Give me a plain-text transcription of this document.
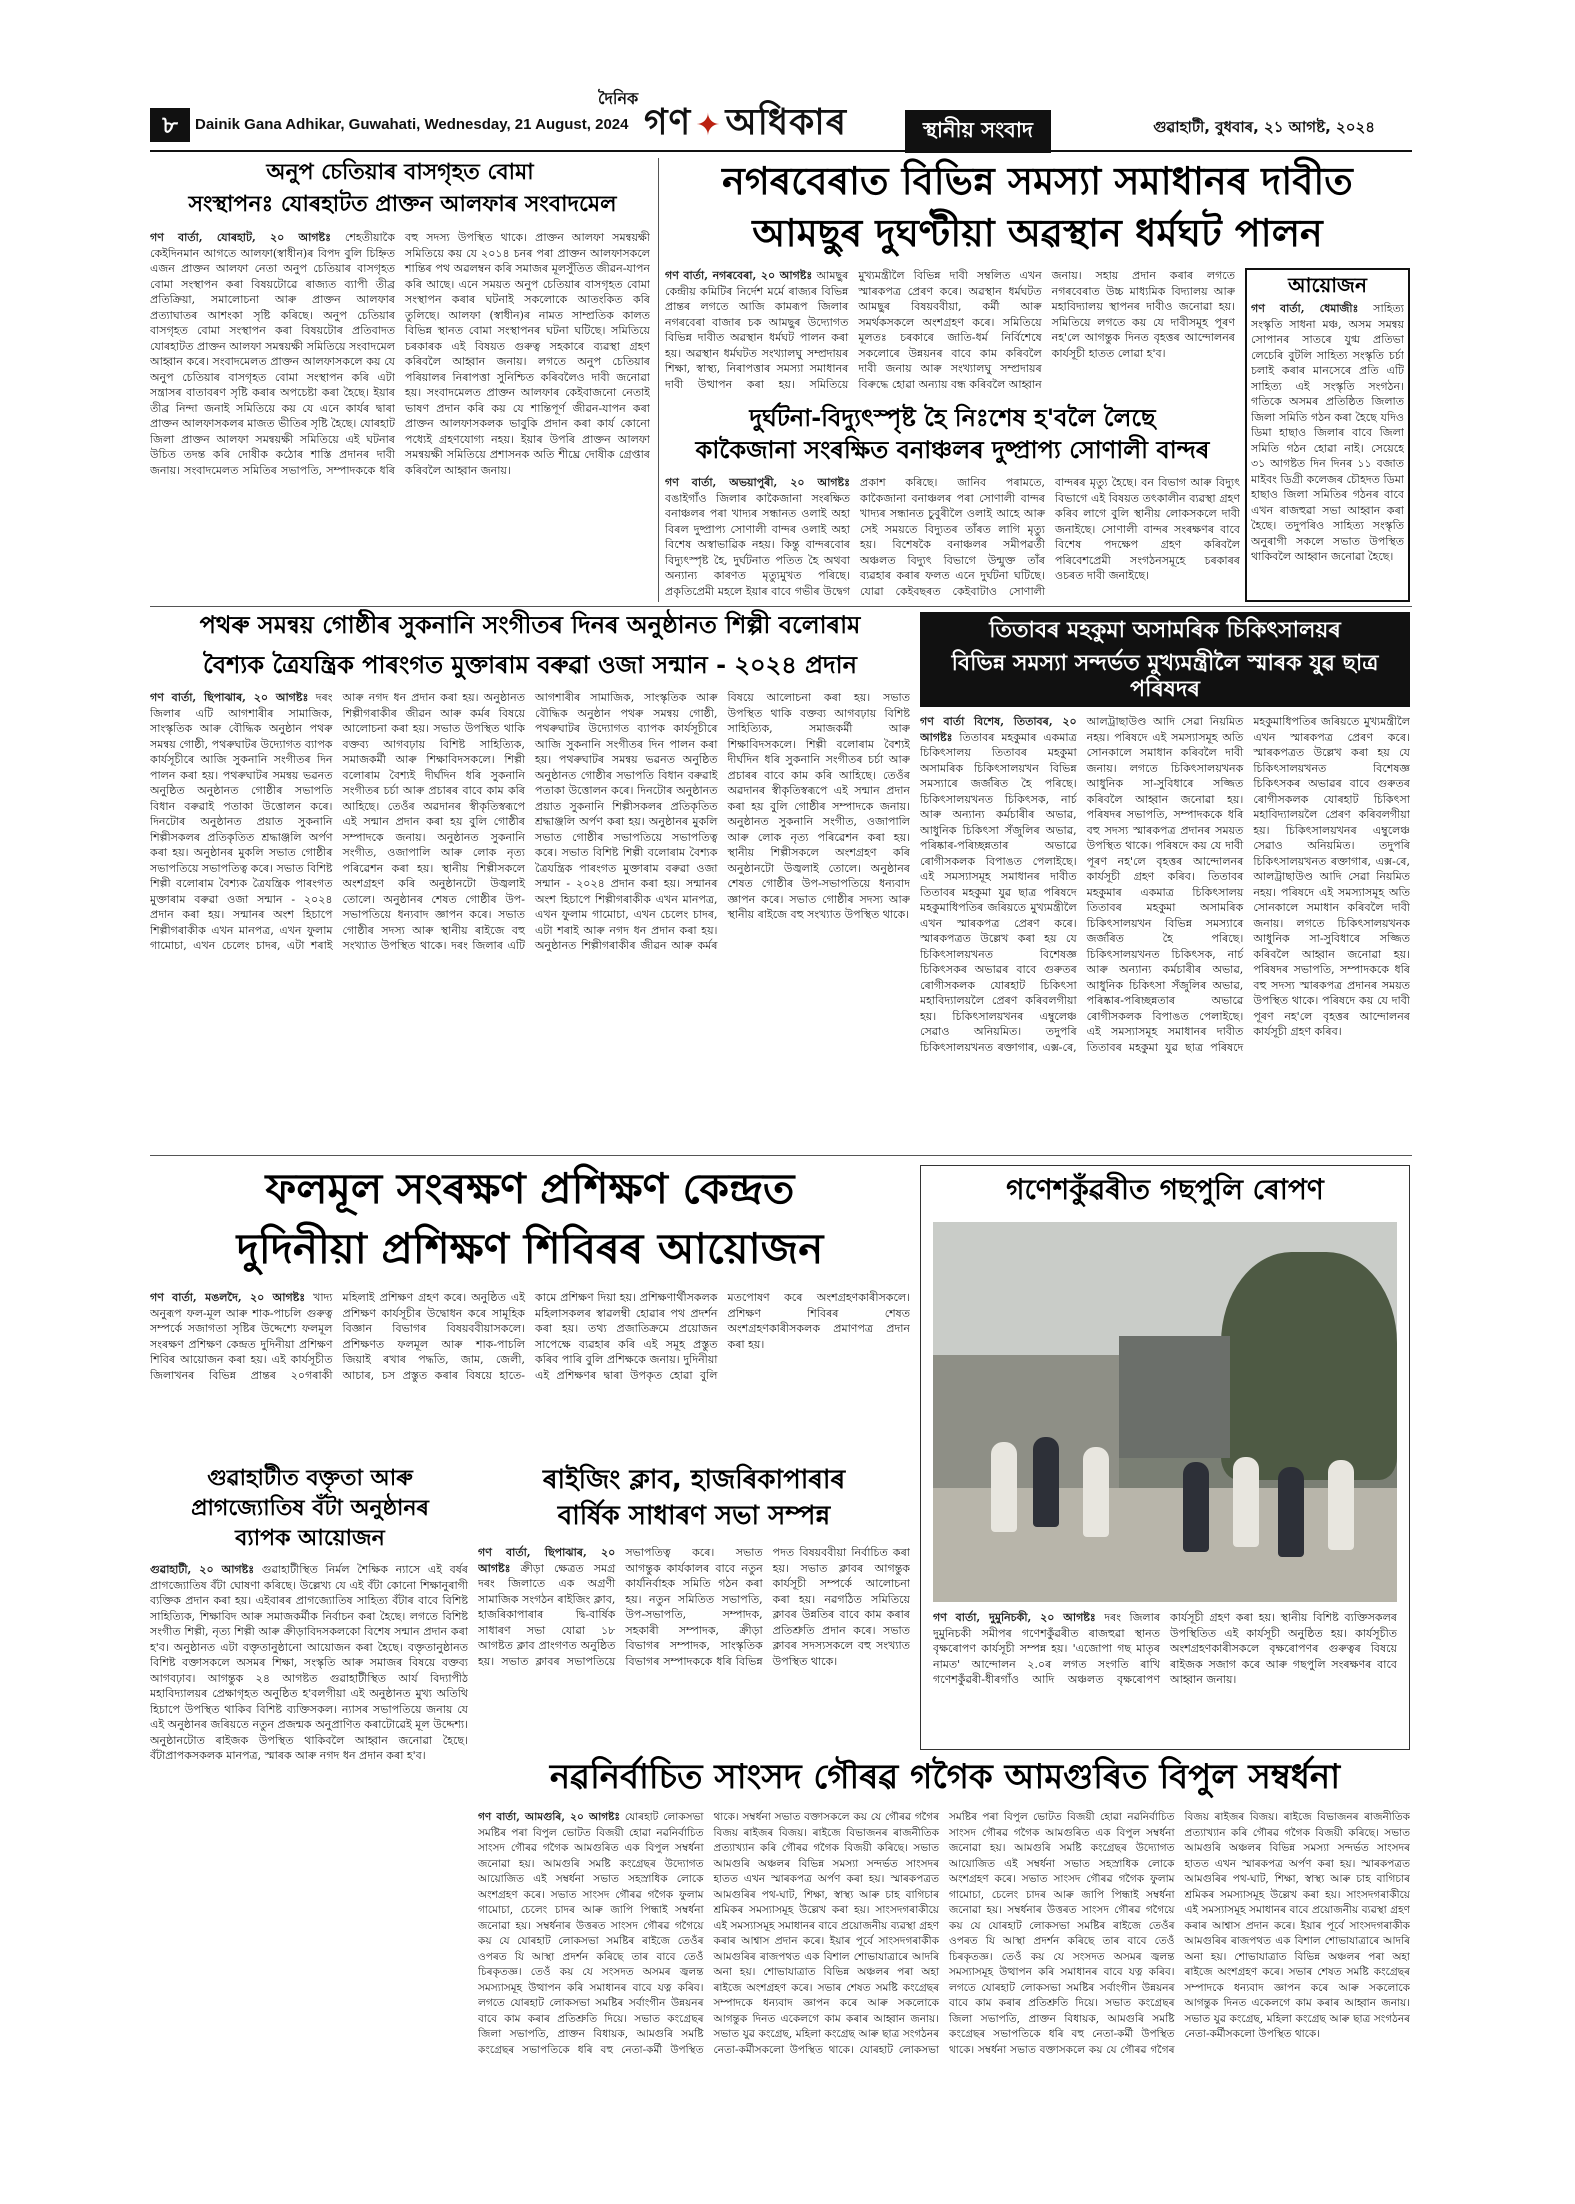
৮	Dainik Gana Adhikar, Guwahati, Wednesday, 21 August, 2024
দৈনিক
গণ ✦ অধিকাৰ	স্থানীয় সংবাদ	গুৱাহাটী, বুধবাৰ, ২১ আগষ্ট, ২০২৪
অনুপ চেতিয়াৰ বাসগৃহত বোমা
সংস্থাপনঃ যোৰহাটত প্ৰাক্তন আলফাৰ সংবাদমেল
গণ বাৰ্তা, যোৰহাট, ২০ আগষ্টঃ শেহতীয়াকৈ কেইদিনমান আগতে আলফা(স্বাধীন)ৰ বিপদ বুলি চিহ্নিত এজন প্ৰাক্তন আলফা নেতা অনুপ চেতিয়াৰ বাসগৃহত বোমা সংস্থাপন কৰা বিষয়টোৱে ৰাজ্যত ব্যাপী তীব্ৰ প্ৰতিক্ৰিয়া, সমালোচনা আৰু প্ৰাক্তন আলফাৰ প্ৰত্যাঘাতৰ আশংকা সৃষ্টি কৰিছে। অনুপ চেতিয়াৰ বাসগৃহত বোমা সংস্থাপন কৰা বিষয়টোৰ প্ৰতিবাদত যোৰহাটত প্ৰাক্তন আলফা সমন্বয়ক্ষী সমিতিয়ে সংবাদমেল আহ্বান কৰে। সংবাদমেলত প্ৰাক্তন আলফাসকলে কয় যে অনুপ চেতিয়াৰ বাসগৃহত বোমা সংস্থাপন কৰি এটা সন্ত্ৰাসৰ বাতাবৰণ সৃষ্টি কৰাৰ অপচেষ্টা কৰা হৈছে। ইয়াৰ তীব্ৰ নিন্দা জনাই সমিতিয়ে কয় যে এনে কাৰ্যৰ দ্বাৰা প্ৰাক্তন আলফাসকলৰ মাজত ভীতিৰ সৃষ্টি হৈছে। যোৰহাট জিলা প্ৰাক্তন আলফা সমন্বয়ক্ষী সমিতিয়ে এই ঘটনাৰ উচিত তদন্ত কৰি দোষীক কঠোৰ শাস্তি প্ৰদানৰ দাবী জনায়। সংবাদমেলত সমিতিৰ সভাপতি, সম্পাদককে ধৰি বহু সদস্য উপস্থিত থাকে। প্ৰাক্তন আলফা সমন্বয়ক্ষী সমিতিয়ে কয় যে ২০১৪ চনৰ পৰা প্ৰাক্তন আলফাসকলে শান্তিৰ পথ অৱলম্বন কৰি সমাজৰ মূলসুঁতিত জীৱন-যাপন কৰি আছে। এনে সময়ত অনুপ চেতিয়াৰ বাসগৃহত বোমা সংস্থাপন কৰাৰ ঘটনাই সকলোকে আতংকিত কৰি তুলিছে। আলফা (স্বাধীন)ৰ নামত সাম্প্ৰতিক কালত বিভিন্ন স্থানত বোমা সংস্থাপনৰ ঘটনা ঘটিছে। সমিতিয়ে চৰকাৰক এই বিষয়ত গুৰুত্ব সহকাৰে ব্যৱস্থা গ্ৰহণ কৰিবলৈ আহ্বান জনায়। লগতে অনুপ চেতিয়াৰ পৰিয়ালৰ নিৰাপত্তা সুনিশ্চিত কৰিবলৈও দাবী জনোৱা হয়। সংবাদমেলত প্ৰাক্তন আলফাৰ কেইবাজনো নেতাই ভাষণ প্ৰদান কৰি কয় যে শান্তিপূৰ্ণ জীৱন-যাপন কৰা প্ৰাক্তন আলফাসকলক ভাবুকি প্ৰদান কৰা কাৰ্য কোনো পধ্যেই গ্ৰহণযোগ্য নহয়। ইয়াৰ উপৰি প্ৰাক্তন আলফা সমন্বয়ক্ষী সমিতিয়ে প্ৰশাসনক অতি শীঘ্ৰে দোষীক গ্ৰেপ্তাৰ কৰিবলৈ আহ্বান জনায়।
নগৰবেৰাত বিভিন্ন সমস্যা সমাধানৰ দাবীত
আমছুৰ দুঘণ্টীয়া অৱস্থান ধৰ্মঘট পালন
গণ বাৰ্তা, নগৰবেৰা, ২০ আগষ্টঃ আমছুৰ কেন্দ্ৰীয় কমিটিৰ নিৰ্দেশ মৰ্মে ৰাজ্যৰ বিভিন্ন প্ৰান্তৰ লগতে আজি কামৰূপ জিলাৰ নগৰবেৰা বাজাৰ চক আমছুৰ উদ্যোগত বিভিন্ন দাবীত অৱস্থান ধৰ্মঘট পালন কৰা হয়। অৱস্থান ধৰ্মঘটত সংখ্যালঘু সম্প্ৰদায়ৰ শিক্ষা, স্বাস্থ্য, নিৰাপত্তাৰ সমস্যা সমাধানৰ দাবী উত্থাপন কৰা হয়। সমিতিয়ে মুখ্যমন্ত্ৰীলৈ বিভিন্ন দাবী সম্বলিত এখন স্মাৰকপত্ৰ প্ৰেৰণ কৰে। অৱস্থান ধৰ্মঘটত আমছুৰ বিষয়ববীয়া, কৰ্মী আৰু সমৰ্থকসকলে অংশগ্ৰহণ কৰে। সমিতিয়ে মূলতঃ চৰকাৰে জাতি-ধৰ্ম নিৰ্বিশেষে সকলোৰে উন্নয়নৰ বাবে কাম কৰিবলৈ দাবী জনায় আৰু সংখ্যালঘু সম্প্ৰদায়ৰ বিৰুদ্ধে হোৱা অন্যায় বন্ধ কৰিবলৈ আহ্বান জনায়। সহায় প্ৰদান কৰাৰ লগতে নগৰবেৰাত উচ্চ মাধ্যমিক বিদ্যালয় আৰু মহাবিদ্যালয় স্থাপনৰ দাবীও জনোৱা হয়। সমিতিয়ে লগতে কয় যে দাবীসমূহ পূৰণ নহ'লে আগন্তুক দিনত বৃহত্তৰ আন্দোলনৰ কাৰ্যসূচী হাতত লোৱা হ'ব।
আয়োজন
গণ বাৰ্তা, ধেমাজীঃ সাহিত্য সংস্কৃতি সাধনা মঞ্চ, অসম সমন্বয় সোপানৰ সাতৰে যুগ্ম প্ৰতিভা লেচেৰি বুটলি সাহিত্য সংস্কৃতি চৰ্চা চলাই কৰাৰ মানসেৰে প্ৰতি এটি সাহিত্য এই সংস্কৃতি সংগঠন। গতিকে অসমৰ প্ৰতিষ্ঠিত জিলাত জিলা সমিতি গঠন কৰা হৈছে যদিও ডিমা হাছাও জিলাৰ বাবে জিলা সমিতি গঠন হোৱা নাই। সেয়েহে ৩১ আগষ্টত দিন দিনৰ ১১ বজাত মাইবং ডিগ্ৰী কলেজৰ চৌহদত ডিমা হাছাও জিলা সমিতিৰ গঠনৰ বাবে এখন ৰাজহুৱা সভা আহ্বান কৰা হৈছে। তদুপৰিও সাহিত্য সংস্কৃতি অনুৰাগী সকলে সভাত উপস্থিত থাকিবলৈ আহ্বান জনোৱা হৈছে।
দুৰ্ঘটনা-বিদ্যুৎস্পৃষ্ট হৈ নিঃশেষ হ'বলৈ লৈছে
কাকৈজানা সংৰক্ষিত বনাঞ্চলৰ দুষ্প্ৰাপ্য সোণালী বান্দৰ
গণ বাৰ্তা, অভয়াপুৰী, ২০ আগষ্টঃ বঙাইগাঁও জিলাৰ কাকৈজানা সংৰক্ষিত বনাঞ্চলৰ পৰা খাদ্যৰ সন্ধানত ওলাই অহা বিৰল দুষ্প্ৰাপ্য সোণালী বান্দৰ ওলাই অহা বিশেষ অস্বাভাৱিক নহয়। কিন্তু বান্দৰবোৰ বিদ্যুৎস্পৃষ্ট হৈ, দুৰ্ঘটনাত পতিত হৈ অথবা অন্যান্য কাৰণত মৃত্যুমুখত পৰিছে। প্ৰকৃতিপ্ৰেমী মহলে ইয়াৰ বাবে গভীৰ উদ্বেগ প্ৰকাশ কৰিছে। জানিব পৰামতে, কাকৈজানা বনাঞ্চলৰ পৰা সোণালী বান্দৰ খাদ্যৰ সন্ধানত চুবুৰীলৈ ওলাই আহে আৰু সেই সময়তে বিদ্যুতৰ তাঁৰত লাগি মৃত্যু হয়। বিশেষকৈ বনাঞ্চলৰ সমীপৱৰ্তী অঞ্চলত বিদ্যুৎ বিভাগে উন্মুক্ত তাঁৰ ব্যৱহাৰ কৰাৰ ফলত এনে দুৰ্ঘটনা ঘটিছে। যোৱা কেইবছৰত কেইবাটাও সোণালী বান্দৰৰ মৃত্যু হৈছে। বন বিভাগ আৰু বিদ্যুৎ বিভাগে এই বিষয়ত তৎকালীন ব্যৱস্থা গ্ৰহণ কৰিব লাগে বুলি স্থানীয় লোকসকলে দাবী জনাইছে। সোণালী বান্দৰ সংৰক্ষণৰ বাবে বিশেষ পদক্ষেপ গ্ৰহণ কৰিবলৈ পৰিবেশপ্ৰেমী সংগঠনসমূহে চৰকাৰৰ ওচৰত দাবী জনাইছে।
পথৰু সমন্বয় গোষ্ঠীৰ সুকনানি সংগীতৰ দিনৰ অনুষ্ঠানত শিল্পী বলোৰাম
বৈশ্যক ত্ৰৈযন্ত্ৰিক পাৰংগত মুক্তাৰাম বৰুৱা ওজা সন্মান - ২০২৪ প্ৰদান
গণ বাৰ্তা, ছিপাঝাৰ, ২০ আগষ্টঃ দৰং জিলাৰ এটি আগশাৰীৰ সামাজিক, সাংস্কৃতিক আৰু বৌদ্ধিক অনুষ্ঠান পথৰু সমন্বয় গোষ্ঠী, পথৰুঘাটৰ উদ্যোগত ব্যাপক কাৰ্যসূচীৰে আজি সুকনানি সংগীতৰ দিন পালন কৰা হয়। পথৰুঘাটৰ সমন্বয় ভৱনত অনুষ্ঠিত অনুষ্ঠানত গোষ্ঠীৰ সভাপতি বিধান বৰুৱাই পতাকা উত্তোলন কৰে। দিনটোৰ অনুষ্ঠানত প্ৰয়াত সুকনানি শিল্পীসকলৰ প্ৰতিকৃতিত শ্ৰদ্ধাঞ্জলি অৰ্পণ কৰা হয়। অনুষ্ঠানৰ মুকলি সভাত গোষ্ঠীৰ সভাপতিয়ে সভাপতিত্ব কৰে। সভাত বিশিষ্ট শিল্পী বলোৰাম বৈশ্যক ত্ৰৈযন্ত্ৰিক পাৰংগত মুক্তাৰাম বৰুৱা ওজা সন্মান - ২০২৪ প্ৰদান কৰা হয়। সন্মানৰ অংশ হিচাপে শিল্পীগৰাকীক এখন মানপত্ৰ, এখন ফুলাম গামোচা, এখন চেলেং চাদৰ, এটা শৰাই আৰু নগদ ধন প্ৰদান কৰা হয়। অনুষ্ঠানত শিল্পীগৰাকীৰ জীৱন আৰু কৰ্মৰ বিষয়ে আলোচনা কৰা হয়। সভাত উপস্থিত থাকি বক্তব্য আগবঢ়ায় বিশিষ্ট সাহিত্যিক, সমাজকৰ্মী আৰু শিক্ষাবিদসকলে। শিল্পী বলোৰাম বৈশ্যই দীৰ্ঘদিন ধৰি সুকনানি সংগীতৰ চৰ্চা আৰু প্ৰচাৰৰ বাবে কাম কৰি আহিছে। তেওঁৰ অৱদানৰ স্বীকৃতিস্বৰূপে এই সন্মান প্ৰদান কৰা হয় বুলি গোষ্ঠীৰ সম্পাদকে জনায়। অনুষ্ঠানত সুকনানি সংগীত, ওজাপালি আৰু লোক নৃত্য পৰিৱেশন কৰা হয়। স্থানীয় শিল্পীসকলে অংশগ্ৰহণ কৰি অনুষ্ঠানটো উজ্বলাই তোলে। অনুষ্ঠানৰ শেষত গোষ্ঠীৰ উপ-সভাপতিয়ে ধন্যবাদ জ্ঞাপন কৰে। সভাত গোষ্ঠীৰ সদস্য আৰু স্থানীয় ৰাইজে বহু সংখ্যাত উপস্থিত থাকে। দৰং জিলাৰ এটি আগশাৰীৰ সামাজিক, সাংস্কৃতিক আৰু বৌদ্ধিক অনুষ্ঠান পথৰু সমন্বয় গোষ্ঠী, পথৰুঘাটৰ উদ্যোগত ব্যাপক কাৰ্যসূচীৰে আজি সুকনানি সংগীতৰ দিন পালন কৰা হয়। পথৰুঘাটৰ সমন্বয় ভৱনত অনুষ্ঠিত অনুষ্ঠানত গোষ্ঠীৰ সভাপতি বিধান বৰুৱাই পতাকা উত্তোলন কৰে। দিনটোৰ অনুষ্ঠানত প্ৰয়াত সুকনানি শিল্পীসকলৰ প্ৰতিকৃতিত শ্ৰদ্ধাঞ্জলি অৰ্পণ কৰা হয়। অনুষ্ঠানৰ মুকলি সভাত গোষ্ঠীৰ সভাপতিয়ে সভাপতিত্ব কৰে। সভাত বিশিষ্ট শিল্পী বলোৰাম বৈশ্যক ত্ৰৈযন্ত্ৰিক পাৰংগত মুক্তাৰাম বৰুৱা ওজা সন্মান - ২০২৪ প্ৰদান কৰা হয়। সন্মানৰ অংশ হিচাপে শিল্পীগৰাকীক এখন মানপত্ৰ, এখন ফুলাম গামোচা, এখন চেলেং চাদৰ, এটা শৰাই আৰু নগদ ধন প্ৰদান কৰা হয়। অনুষ্ঠানত শিল্পীগৰাকীৰ জীৱন আৰু কৰ্মৰ বিষয়ে আলোচনা কৰা হয়। সভাত উপস্থিত থাকি বক্তব্য আগবঢ়ায় বিশিষ্ট সাহিত্যিক, সমাজকৰ্মী আৰু শিক্ষাবিদসকলে। শিল্পী বলোৰাম বৈশ্যই দীৰ্ঘদিন ধৰি সুকনানি সংগীতৰ চৰ্চা আৰু প্ৰচাৰৰ বাবে কাম কৰি আহিছে। তেওঁৰ অৱদানৰ স্বীকৃতিস্বৰূপে এই সন্মান প্ৰদান কৰা হয় বুলি গোষ্ঠীৰ সম্পাদকে জনায়। অনুষ্ঠানত সুকনানি সংগীত, ওজাপালি আৰু লোক নৃত্য পৰিৱেশন কৰা হয়। স্থানীয় শিল্পীসকলে অংশগ্ৰহণ কৰি অনুষ্ঠানটো উজ্বলাই তোলে। অনুষ্ঠানৰ শেষত গোষ্ঠীৰ উপ-সভাপতিয়ে ধন্যবাদ জ্ঞাপন কৰে। সভাত গোষ্ঠীৰ সদস্য আৰু স্থানীয় ৰাইজে বহু সংখ্যাত উপস্থিত থাকে।
তিতাবৰ মহকুমা অসামৰিক চিকিৎসালয়ৰ
বিভিন্ন সমস্যা সন্দৰ্ভত মুখ্যমন্ত্ৰীলৈ স্মাৰক যুৱ ছাত্ৰ পৰিষদৰ
গণ বাৰ্তা বিশেষ, তিতাবৰ, ২০ আগষ্টঃ তিতাবৰ মহকুমাৰ একমাত্ৰ চিকিৎসালয় তিতাবৰ মহকুমা অসামৰিক চিকিৎসালয়খন বিভিন্ন সমস্যাৰে জৰ্জৰিত হৈ পৰিছে। চিকিৎসালয়খনত চিকিৎসক, নাৰ্চ আৰু অন্যান্য কৰ্মচাৰীৰ অভাৱ, আধুনিক চিকিৎসা সঁজুলিৰ অভাৱ, পৰিষ্কাৰ-পৰিচ্ছন্নতাৰ অভাৱে ৰোগীসকলক বিপাঙত পেলাইছে। এই সমস্যাসমূহ সমাধানৰ দাবীত তিতাবৰ মহকুমা যুৱ ছাত্ৰ পৰিষদে মহকুমাধিপতিৰ জৰিয়তে মুখ্যমন্ত্ৰীলৈ এখন স্মাৰকপত্ৰ প্ৰেৰণ কৰে। স্মাৰকপত্ৰত উল্লেখ কৰা হয় যে চিকিৎসালয়খনত বিশেষজ্ঞ চিকিৎসকৰ অভাৱৰ বাবে গুৰুতৰ ৰোগীসকলক যোৰহাট চিকিৎসা মহাবিদ্যালয়লৈ প্ৰেৰণ কৰিবলগীয়া হয়। চিকিৎসালয়খনৰ এম্বুলেঞ্চ সেৱাও অনিয়মিত। তদুপৰি চিকিৎসালয়খনত ৰক্তাগাৰ, এক্স-ৰে, আলট্ৰাছাউণ্ড আদি সেৱা নিয়মিত নহয়। পৰিষদে এই সমস্যাসমূহ অতি সোনকালে সমাধান কৰিবলৈ দাবী জনায়। লগতে চিকিৎসালয়খনক আধুনিক সা-সুবিধাৰে সজ্জিত কৰিবলৈ আহ্বান জনোৱা হয়। পৰিষদৰ সভাপতি, সম্পাদককে ধৰি বহু সদস্য স্মাৰকপত্ৰ প্ৰদানৰ সময়ত উপস্থিত থাকে। পৰিষদে কয় যে দাবী পূৰণ নহ'লে বৃহত্তৰ আন্দোলনৰ কাৰ্যসূচী গ্ৰহণ কৰিব। তিতাবৰ মহকুমাৰ একমাত্ৰ চিকিৎসালয় তিতাবৰ মহকুমা অসামৰিক চিকিৎসালয়খন বিভিন্ন সমস্যাৰে জৰ্জৰিত হৈ পৰিছে। চিকিৎসালয়খনত চিকিৎসক, নাৰ্চ আৰু অন্যান্য কৰ্মচাৰীৰ অভাৱ, আধুনিক চিকিৎসা সঁজুলিৰ অভাৱ, পৰিষ্কাৰ-পৰিচ্ছন্নতাৰ অভাৱে ৰোগীসকলক বিপাঙত পেলাইছে। এই সমস্যাসমূহ সমাধানৰ দাবীত তিতাবৰ মহকুমা যুৱ ছাত্ৰ পৰিষদে মহকুমাধিপতিৰ জৰিয়তে মুখ্যমন্ত্ৰীলৈ এখন স্মাৰকপত্ৰ প্ৰেৰণ কৰে। স্মাৰকপত্ৰত উল্লেখ কৰা হয় যে চিকিৎসালয়খনত বিশেষজ্ঞ চিকিৎসকৰ অভাৱৰ বাবে গুৰুতৰ ৰোগীসকলক যোৰহাট চিকিৎসা মহাবিদ্যালয়লৈ প্ৰেৰণ কৰিবলগীয়া হয়। চিকিৎসালয়খনৰ এম্বুলেঞ্চ সেৱাও অনিয়মিত। তদুপৰি চিকিৎসালয়খনত ৰক্তাগাৰ, এক্স-ৰে, আলট্ৰাছাউণ্ড আদি সেৱা নিয়মিত নহয়। পৰিষদে এই সমস্যাসমূহ অতি সোনকালে সমাধান কৰিবলৈ দাবী জনায়। লগতে চিকিৎসালয়খনক আধুনিক সা-সুবিধাৰে সজ্জিত কৰিবলৈ আহ্বান জনোৱা হয়। পৰিষদৰ সভাপতি, সম্পাদককে ধৰি বহু সদস্য স্মাৰকপত্ৰ প্ৰদানৰ সময়ত উপস্থিত থাকে। পৰিষদে কয় যে দাবী পূৰণ নহ'লে বৃহত্তৰ আন্দোলনৰ কাৰ্যসূচী গ্ৰহণ কৰিব।
ফলমূল সংৰক্ষণ প্ৰশিক্ষণ কেন্দ্ৰত
দুদিনীয়া প্ৰশিক্ষণ শিবিৰৰ আয়োজন
গণ বাৰ্তা, মঙলদৈ, ২০ আগষ্টঃ খাদ্য অনুৰূপ ফল-মূল আৰু শাক-পাচলি গুৰুত্ব সম্পৰ্কে সজাগতা সৃষ্টিৰ উদ্দেশ্যে ফলমূল সংৰক্ষণ প্ৰশিক্ষণ কেন্দ্ৰত দুদিনীয়া প্ৰশিক্ষণ শিবিৰ আয়োজন কৰা হয়। এই কাৰ্যসূচীত জিলাখনৰ বিভিন্ন প্ৰান্তৰ ২০গৰাকী মহিলাই প্ৰশিক্ষণ গ্ৰহণ কৰে। অনুষ্ঠিত এই প্ৰশিক্ষণ কাৰ্যসূচীৰ উদ্বোধন কৰে সামূহিক বিজ্ঞান বিভাগৰ বিষয়ববীয়াসকলে। প্ৰশিক্ষণত ফলমূল আৰু শাক-পাচলি জিয়াই ৰখাৰ পদ্ধতি, জাম, জেলী, আচাৰ, চস প্ৰস্তুত কৰাৰ বিষয়ে হাতে-কামে প্ৰশিক্ষণ দিয়া হয়। প্ৰশিক্ষণাৰ্থীসকলক মহিলাসকলৰ স্বাৱলম্বী হোৱাৰ পথ প্ৰদৰ্শন কৰা হয়। তথ্য প্ৰজাতিক্ৰমে প্ৰয়োজন সাপেক্ষে ব্যৱহাৰ কৰি এই সমূহ প্ৰস্তুত কৰিব পাৰি বুলি প্ৰশিক্ষকে জনায়। দুদিনীয়া এই প্ৰশিক্ষণৰ দ্বাৰা উপকৃত হোৱা বুলি মতপোষণ কৰে অংশগ্ৰহণকাৰীসকলে। প্ৰশিক্ষণ শিবিৰৰ শেষত অংশগ্ৰহণকাৰীসকলক প্ৰমাণপত্ৰ প্ৰদান কৰা হয়।
গণেশকুঁৱৰীত গছপুলি ৰোপণ
গণ বাৰ্তা, দুমুনিচকী, ২০ আগষ্টঃ দৰং জিলাৰ দুমুনিচকী সমীপৰ গণেশকুঁৱৰীত ৰাজহুৱা স্থানত বৃক্ষৰোপণ কাৰ্যসূচী সম্পন্ন হয়। 'এজোপা গছ মাতৃৰ নামত' আন্দোলন ২.০ৰ লগত সংগতি ৰাখি গণেশকুঁৱৰী-ধীৰগাঁও আদি অঞ্চলত বৃক্ষৰোপণ কাৰ্যসূচী গ্ৰহণ কৰা হয়। স্থানীয় বিশিষ্ট ব্যক্তিসকলৰ উপস্থিতিত এই কাৰ্যসূচী অনুষ্ঠিত হয়। কাৰ্যসূচীত অংশগ্ৰহণকাৰীসকলে বৃক্ষৰোপণৰ গুৰুত্বৰ বিষয়ে ৰাইজক সজাগ কৰে আৰু গছপুলি সংৰক্ষণৰ বাবে আহ্বান জনায়।
গুৱাহাটীত বক্তৃতা আৰু
প্ৰাগজ্যোতিষ বঁটা অনুষ্ঠানৰ
ব্যাপক আয়োজন
গুৱাহাটী, ২০ আগষ্টঃ গুৱাহাটীস্থিত নিৰ্মল শৈক্ষিক ন্যাসে এই বৰ্ষৰ প্ৰাগজ্যোতিষ বঁটা ঘোষণা কৰিছে। উল্লেখ্য যে এই বঁটা কোনো শিক্ষানুৰাগী ব্যক্তিক প্ৰদান কৰা হয়। এইবাৰৰ প্ৰাগজ্যোতিষ সাহিত্য বঁটাৰ বাবে বিশিষ্ট সাহিত্যিক, শিক্ষাবিদ আৰু সমাজকৰ্মীক নিৰ্বাচন কৰা হৈছে। লগতে বিশিষ্ট সংগীত শিল্পী, নৃত্য শিল্পী আৰু ক্ৰীড়াবিদসকলকো বিশেষ সন্মান প্ৰদান কৰা হ'ব। অনুষ্ঠানত এটা বক্তৃতানুষ্ঠানো আয়োজন কৰা হৈছে। বক্তৃতানুষ্ঠানত বিশিষ্ট বক্তাসকলে অসমৰ শিক্ষা, সংস্কৃতি আৰু সমাজৰ বিষয়ে বক্তব্য আগবঢ়াব। আগন্তুক ২৪ আগষ্টত গুৱাহাটীস্থিত আৰ্য বিদ্যাপীঠ মহাবিদ্যালয়ৰ প্ৰেক্ষাগৃহত অনুষ্ঠিত হ'বলগীয়া এই অনুষ্ঠানত মুখ্য অতিথি হিচাপে উপস্থিত থাকিব বিশিষ্ট ব্যক্তিসকল। ন্যাসৰ সভাপতিয়ে জনায় যে এই অনুষ্ঠানৰ জৰিয়তে নতুন প্ৰজন্মক অনুপ্ৰাণিত কৰাটোৱেই মূল উদ্দেশ্য। অনুষ্ঠানটোত ৰাইজক উপস্থিত থাকিবলৈ আহ্বান জনোৱা হৈছে। বঁটাপ্ৰাপকসকলক মানপত্ৰ, স্মাৰক আৰু নগদ ধন প্ৰদান কৰা হ'ব।
ৰাইজিং ক্লাব, হাজৰিকাপাৰাৰ
বাৰ্ষিক সাধাৰণ সভা সম্পন্ন
গণ বাৰ্তা, ছিপাঝাৰ, ২০ আগষ্টঃ ক্ৰীড়া ক্ষেত্ৰত সমগ্ৰ দৰং জিলাতে এক অগ্ৰণী সামাজিক সংগঠন ৰাইজিং ক্লাব, হাজৰিকাপাৰাৰ দ্বি-বাৰ্ষিক সাধাৰণ সভা যোৱা ১৮ আগষ্টত ক্লাব প্ৰাংগণত অনুষ্ঠিত হয়। সভাত ক্লাবৰ সভাপতিয়ে সভাপতিত্ব কৰে। সভাত আগন্তুক কাৰ্যকালৰ বাবে নতুন কাৰ্যনিৰ্বাহক সমিতি গঠন কৰা হয়। নতুন সমিতিত সভাপতি, উপ-সভাপতি, সম্পাদক, সহকাৰী সম্পাদক, ক্ৰীড়া বিভাগৰ সম্পাদক, সাংস্কৃতিক বিভাগৰ সম্পাদককে ধৰি বিভিন্ন পদত বিষয়ববীয়া নিৰ্বাচিত কৰা হয়। সভাত ক্লাবৰ আগন্তুক কাৰ্যসূচী সম্পৰ্কে আলোচনা কৰা হয়। নৱগঠিত সমিতিয়ে ক্লাবৰ উন্নতিৰ বাবে কাম কৰাৰ প্ৰতিশ্ৰুতি প্ৰদান কৰে। সভাত ক্লাবৰ সদস্যসকলে বহু সংখ্যাত উপস্থিত থাকে।
নৱনিৰ্বাচিত সাংসদ গৌৰৱ গগৈক আমগুৰিত বিপুল সম্বৰ্ধনা
গণ বাৰ্তা, আমগুৰি, ২০ আগষ্টঃ যোৰহাট লোকসভা সমষ্টিৰ পৰা বিপুল ভোটত বিজয়ী হোৱা নৱনিৰ্বাচিত সাংসদ গৌৰৱ গগৈক আমগুৰিত এক বিপুল সম্বৰ্ধনা জনোৱা হয়। আমগুৰি সমষ্টি কংগ্ৰেছৰ উদ্যোগত আয়োজিত এই সম্বৰ্ধনা সভাত সহস্ৰাধিক লোকে অংশগ্ৰহণ কৰে। সভাত সাংসদ গৌৰৱ গগৈক ফুলাম গামোচা, চেলেং চাদৰ আৰু জাপি পিন্ধাই সম্বৰ্ধনা জনোৱা হয়। সম্বৰ্ধনাৰ উত্তৰত সাংসদ গৌৰৱ গগৈয়ে কয় যে যোৰহাট লোকসভা সমষ্টিৰ ৰাইজে তেওঁৰ ওপৰত যি আস্থা প্ৰদৰ্শন কৰিছে তাৰ বাবে তেওঁ চিৰকৃতজ্ঞ। তেওঁ কয় যে সংসদত অসমৰ জ্বলন্ত সমস্যাসমূহ উত্থাপন কৰি সমাধানৰ বাবে যত্ন কৰিব। লগতে যোৰহাট লোকসভা সমষ্টিৰ সৰ্বাংগীন উন্নয়নৰ বাবে কাম কৰাৰ প্ৰতিশ্ৰুতি দিয়ে। সভাত কংগ্ৰেছৰ জিলা সভাপতি, প্ৰাক্তন বিধায়ক, আমগুৰি সমষ্টি কংগ্ৰেছৰ সভাপতিকে ধৰি বহু নেতা-কৰ্মী উপস্থিত থাকে। সম্বৰ্ধনা সভাত বক্তাসকলে কয় যে গৌৰৱ গগৈৰ বিজয় ৰাইজৰ বিজয়। ৰাইজে বিভাজনৰ ৰাজনীতিক প্ৰত্যাখ্যান কৰি গৌৰৱ গগৈক বিজয়ী কৰিছে। সভাত আমগুৰি অঞ্চলৰ বিভিন্ন সমস্যা সন্দৰ্ভত সাংসদৰ হাতত এখন স্মাৰকপত্ৰ অৰ্পণ কৰা হয়। স্মাৰকপত্ৰত আমগুৰিৰ পথ-ঘাট, শিক্ষা, স্বাস্থ্য আৰু চাহ বাগিচাৰ শ্ৰমিকৰ সমস্যাসমূহ উল্লেখ কৰা হয়। সাংসদগৰাকীয়ে এই সমস্যাসমূহ সমাধানৰ বাবে প্ৰয়োজনীয় ব্যৱস্থা গ্ৰহণ কৰাৰ আশ্বাস প্ৰদান কৰে। ইয়াৰ পূৰ্বে সাংসদগৰাকীক আমগুৰিৰ ৰাজপথত এক বিশাল শোভাযাত্ৰাৰে আদৰি অনা হয়। শোভাযাত্ৰাত বিভিন্ন অঞ্চলৰ পৰা অহা ৰাইজে অংশগ্ৰহণ কৰে। সভাৰ শেষত সমষ্টি কংগ্ৰেছৰ সম্পাদকে ধন্যবাদ জ্ঞাপন কৰে আৰু সকলোকে আগন্তুক দিনত একেলগে কাম কৰাৰ আহ্বান জনায়। সভাত যুৱ কংগ্ৰেছ, মহিলা কংগ্ৰেছ আৰু ছাত্ৰ সংগঠনৰ নেতা-কৰ্মীসকলো উপস্থিত থাকে। যোৰহাট লোকসভা সমষ্টিৰ পৰা বিপুল ভোটত বিজয়ী হোৱা নৱনিৰ্বাচিত সাংসদ গৌৰৱ গগৈক আমগুৰিত এক বিপুল সম্বৰ্ধনা জনোৱা হয়। আমগুৰি সমষ্টি কংগ্ৰেছৰ উদ্যোগত আয়োজিত এই সম্বৰ্ধনা সভাত সহস্ৰাধিক লোকে অংশগ্ৰহণ কৰে। সভাত সাংসদ গৌৰৱ গগৈক ফুলাম গামোচা, চেলেং চাদৰ আৰু জাপি পিন্ধাই সম্বৰ্ধনা জনোৱা হয়। সম্বৰ্ধনাৰ উত্তৰত সাংসদ গৌৰৱ গগৈয়ে কয় যে যোৰহাট লোকসভা সমষ্টিৰ ৰাইজে তেওঁৰ ওপৰত যি আস্থা প্ৰদৰ্শন কৰিছে তাৰ বাবে তেওঁ চিৰকৃতজ্ঞ। তেওঁ কয় যে সংসদত অসমৰ জ্বলন্ত সমস্যাসমূহ উত্থাপন কৰি সমাধানৰ বাবে যত্ন কৰিব। লগতে যোৰহাট লোকসভা সমষ্টিৰ সৰ্বাংগীন উন্নয়নৰ বাবে কাম কৰাৰ প্ৰতিশ্ৰুতি দিয়ে। সভাত কংগ্ৰেছৰ জিলা সভাপতি, প্ৰাক্তন বিধায়ক, আমগুৰি সমষ্টি কংগ্ৰেছৰ সভাপতিকে ধৰি বহু নেতা-কৰ্মী উপস্থিত থাকে। সম্বৰ্ধনা সভাত বক্তাসকলে কয় যে গৌৰৱ গগৈৰ বিজয় ৰাইজৰ বিজয়। ৰাইজে বিভাজনৰ ৰাজনীতিক প্ৰত্যাখ্যান কৰি গৌৰৱ গগৈক বিজয়ী কৰিছে। সভাত আমগুৰি অঞ্চলৰ বিভিন্ন সমস্যা সন্দৰ্ভত সাংসদৰ হাতত এখন স্মাৰকপত্ৰ অৰ্পণ কৰা হয়। স্মাৰকপত্ৰত আমগুৰিৰ পথ-ঘাট, শিক্ষা, স্বাস্থ্য আৰু চাহ বাগিচাৰ শ্ৰমিকৰ সমস্যাসমূহ উল্লেখ কৰা হয়। সাংসদগৰাকীয়ে এই সমস্যাসমূহ সমাধানৰ বাবে প্ৰয়োজনীয় ব্যৱস্থা গ্ৰহণ কৰাৰ আশ্বাস প্ৰদান কৰে। ইয়াৰ পূৰ্বে সাংসদগৰাকীক আমগুৰিৰ ৰাজপথত এক বিশাল শোভাযাত্ৰাৰে আদৰি অনা হয়। শোভাযাত্ৰাত বিভিন্ন অঞ্চলৰ পৰা অহা ৰাইজে অংশগ্ৰহণ কৰে। সভাৰ শেষত সমষ্টি কংগ্ৰেছৰ সম্পাদকে ধন্যবাদ জ্ঞাপন কৰে আৰু সকলোকে আগন্তুক দিনত একেলগে কাম কৰাৰ আহ্বান জনায়। সভাত যুৱ কংগ্ৰেছ, মহিলা কংগ্ৰেছ আৰু ছাত্ৰ সংগঠনৰ নেতা-কৰ্মীসকলো উপস্থিত থাকে।
